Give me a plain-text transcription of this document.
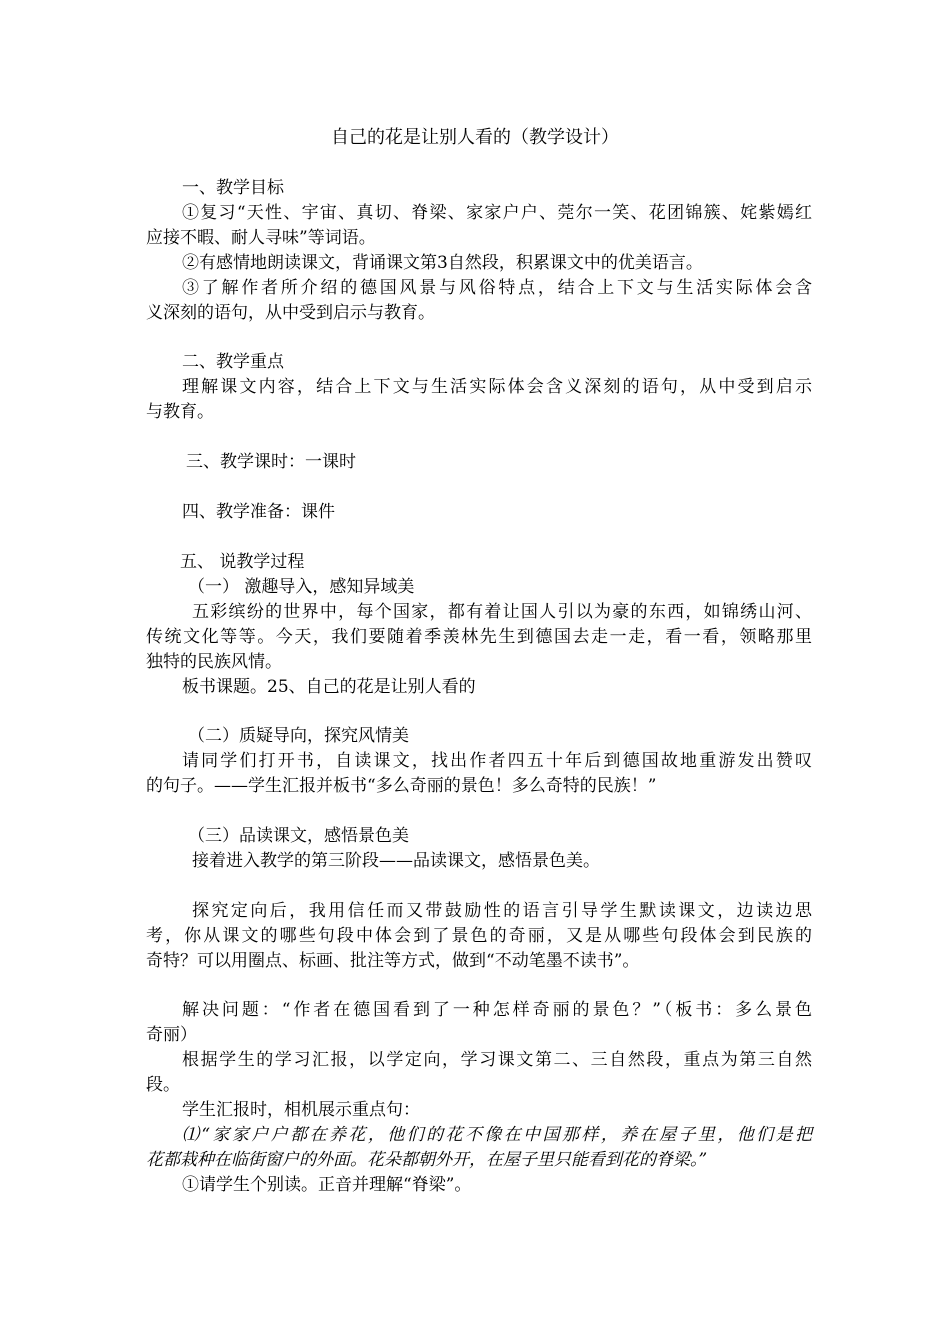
自己的花是让别人看的（教学设计）
一、教学目标
①复习“天性、宇宙、真切、脊梁、家家户户、莞尔一笑、花团锦簇、姹紫嫣红
应接不暇、耐人寻味”等词语。
②有感情地朗读课文，背诵课文第3自然段，积累课文中的优美语言。
③了解作者所介绍的德国风景与风俗特点，结合上下文与生活实际体会含
义深刻的语句，从中受到启示与教育。
二、教学重点
理解课文内容，结合上下文与生活实际体会含义深刻的语句，从中受到启示
与教育。
三、教学课时：一课时
四、教学准备：课件
五、 说教学过程
（一） 激趣导入，感知异域美
五彩缤纷的世界中，每个国家，都有着让国人引以为豪的东西，如锦绣山河、
传统文化等等。今天，我们要随着季羡林先生到德国去走一走，看一看，领略那里
独特的民族风情。
板书课题。25、自己的花是让别人看的
（二）质疑导向，探究风情美
请同学们打开书，自读课文，找出作者四五十年后到德国故地重游发出赞叹
的句子。——学生汇报并板书“多么奇丽的景色！多么奇特的民族！”
（三）品读课文，感悟景色美
接着进入教学的第三阶段——品读课文，感悟景色美。
探究定向后，我用信任而又带鼓励性的语言引导学生默读课文，边读边思
考，你从课文的哪些句段中体会到了景色的奇丽，又是从哪些句段体会到民族的
奇特？可以用圈点、标画、批注等方式，做到“不动笔墨不读书”。
解决问题：“作者在德国看到了一种怎样奇丽的景色？”（板书：多么景色
奇丽）
根据学生的学习汇报，以学定向，学习课文第二、三自然段，重点为第三自然
段。
学生汇报时，相机展示重点句：
⑴“家家户户都在养花，他们的花不像在中国那样，养在屋子里，他们是把
花都栽种在临街窗户的外面。花朵都朝外开，在屋子里只能看到花的脊梁。”
①请学生个别读。正音并理解“脊梁”。
